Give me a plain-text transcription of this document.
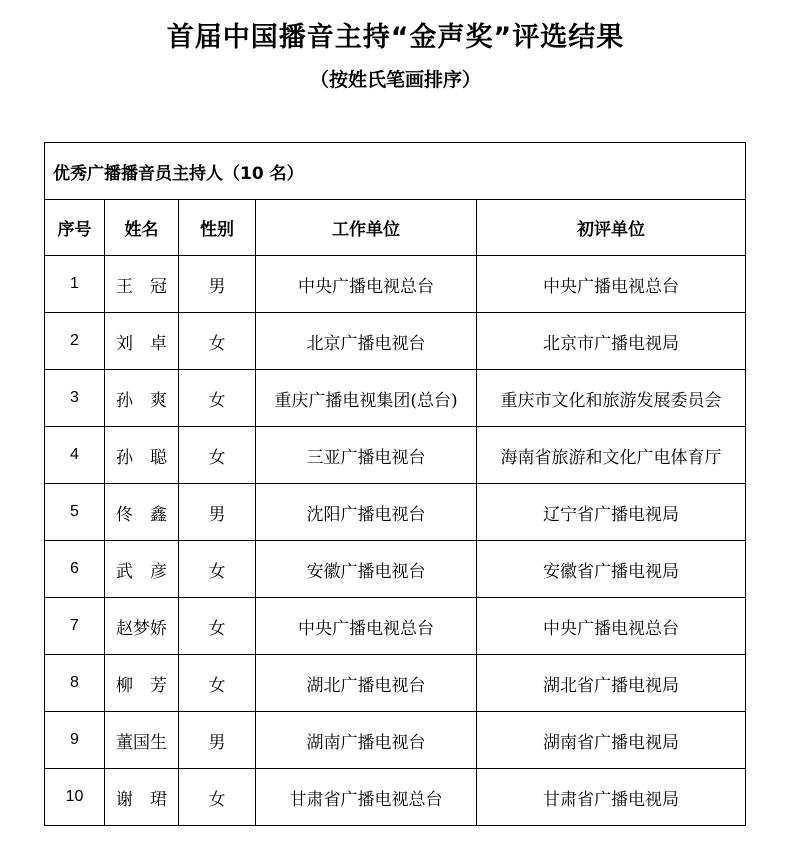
首届中国播音主持“金声奖”评选结果
（按姓氏笔画排序）
优秀广播播音员主持人（10 名）				
序号	姓名	性别	工作单位	初评单位
1	王　冠	男	中央广播电视总台	中央广播电视总台
2	刘　卓	女	北京广播电视台	北京市广播电视局
3	孙　爽	女	重庆广播电视集团(总台)	重庆市文化和旅游发展委员会
4	孙　聪	女	三亚广播电视台	海南省旅游和文化广电体育厅
5	佟　鑫	男	沈阳广播电视台	辽宁省广播电视局
6	武　彦	女	安徽广播电视台	安徽省广播电视局
7	赵梦娇	女	中央广播电视总台	中央广播电视总台
8	柳　芳	女	湖北广播电视台	湖北省广播电视局
9	董国生	男	湖南广播电视台	湖南省广播电视局
10	谢　珺	女	甘肃省广播电视总台	甘肃省广播电视局
